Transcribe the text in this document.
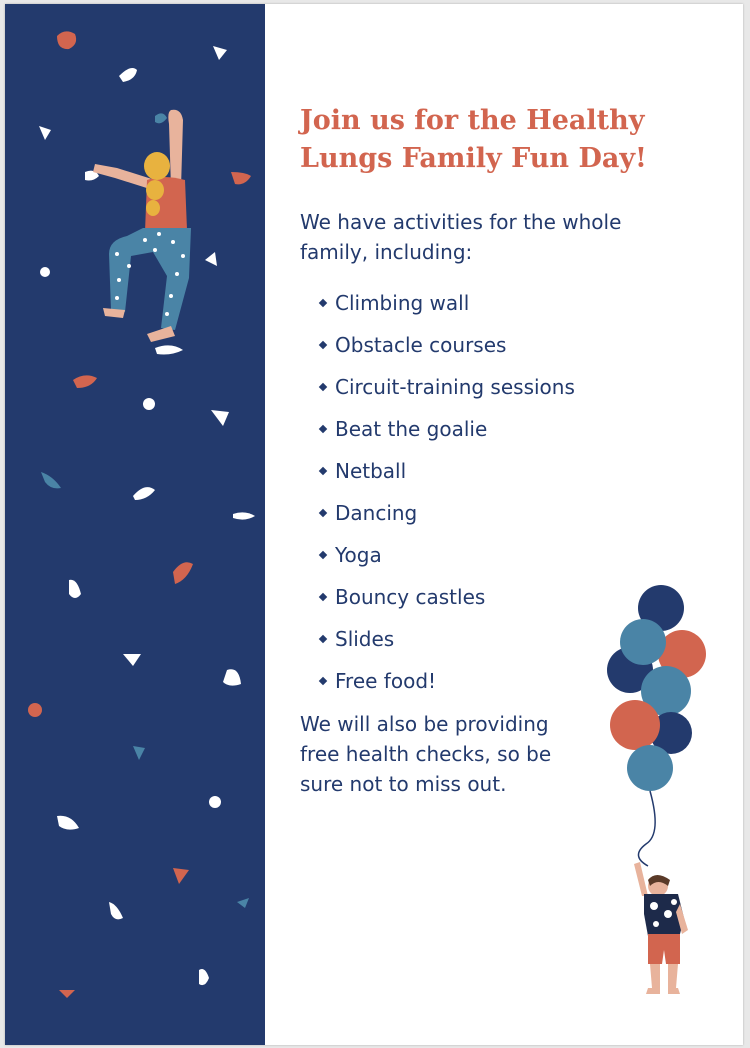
Join us for the Healthy Lungs Family Fun Day!

We have activities for the whole family, including:

Climbing wall
Obstacle courses
Circuit-training sessions
Beat the goalie
Netball
Dancing
Yoga
Bouncy castles
Slides
Free food!

We will also be providing free health checks, so be sure not to miss out.
